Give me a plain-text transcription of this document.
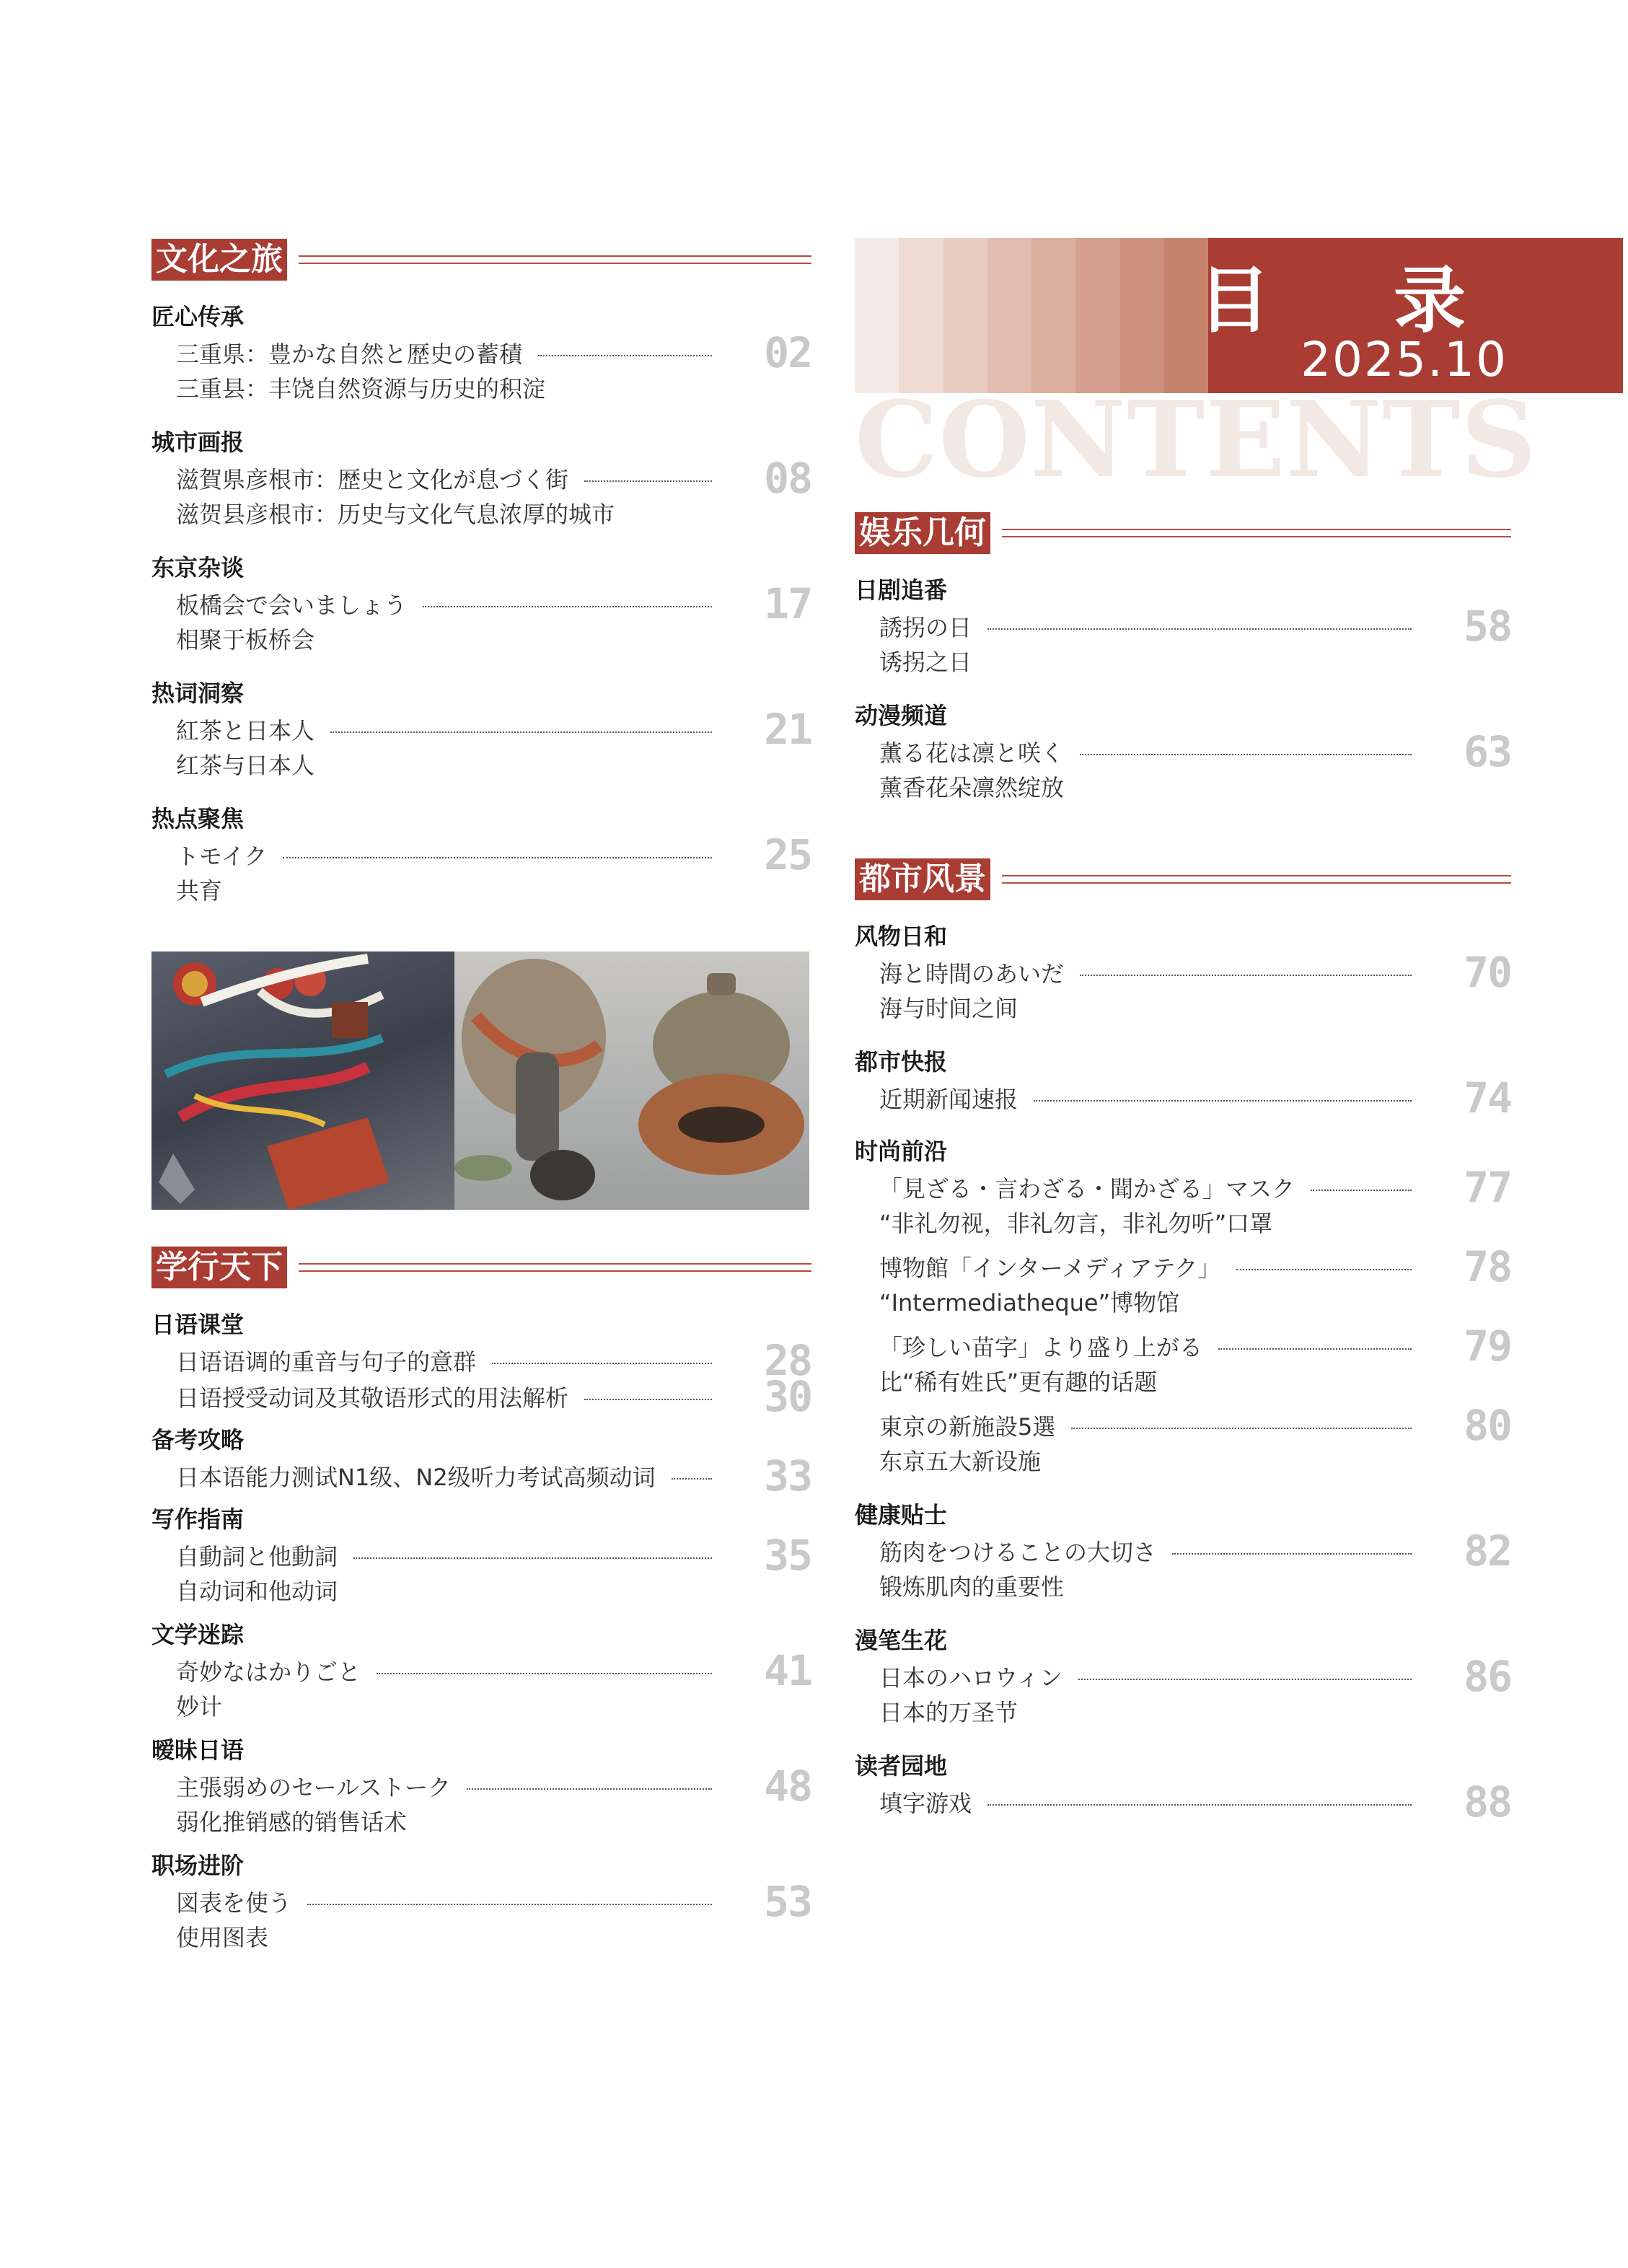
文化之旅
匠心传承
三重県：豊かな自然と歴史の蓄積	02
三重县：丰饶自然资源与历史的积淀
城市画报
滋賀県彦根市：歴史と文化が息づく街	08
滋贺县彦根市：历史与文化气息浓厚的城市
东京杂谈
板橋会で会いましょう	17
相聚于板桥会
热词洞察
紅茶と日本人	21
红茶与日本人
热点聚焦
トモイク	25
共育
学行天下
日语课堂
日语语调的重音与句子的意群	28
日语授受动词及其敬语形式的用法解析	30
备考攻略
日本语能力测试N1级、N2级听力考试高频动词	33
写作指南
自動詞と他動詞	35
自动词和他动词
文学迷踪
奇妙なはかりごと	41
妙计
暧昧日语
主張弱めのセールストーク	48
弱化推销感的销售话术
职场进阶
図表を使う	53
使用图表
目 录
2025.10
CONTENTS
娱乐几何
日剧追番
誘拐の日	58
诱拐之日
动漫频道
薫る花は凛と咲く	63
薰香花朵凛然绽放
都市风景
风物日和
海と時間のあいだ	70
海与时间之间
都市快报
近期新闻速报	74
时尚前沿
「見ざる・言わざる・聞かざる」マスク	77
“非礼勿视，非礼勿言，非礼勿听”口罩
博物館「インターメディアテク」	78
“Intermediatheque”博物馆
「珍しい苗字」より盛り上がる	79
比“稀有姓氏”更有趣的话题
東京の新施設5選	80
东京五大新设施
健康贴士
筋肉をつけることの大切さ	82
锻炼肌肉的重要性
漫笔生花
日本のハロウィン	86
日本的万圣节
读者园地
填字游戏	88
